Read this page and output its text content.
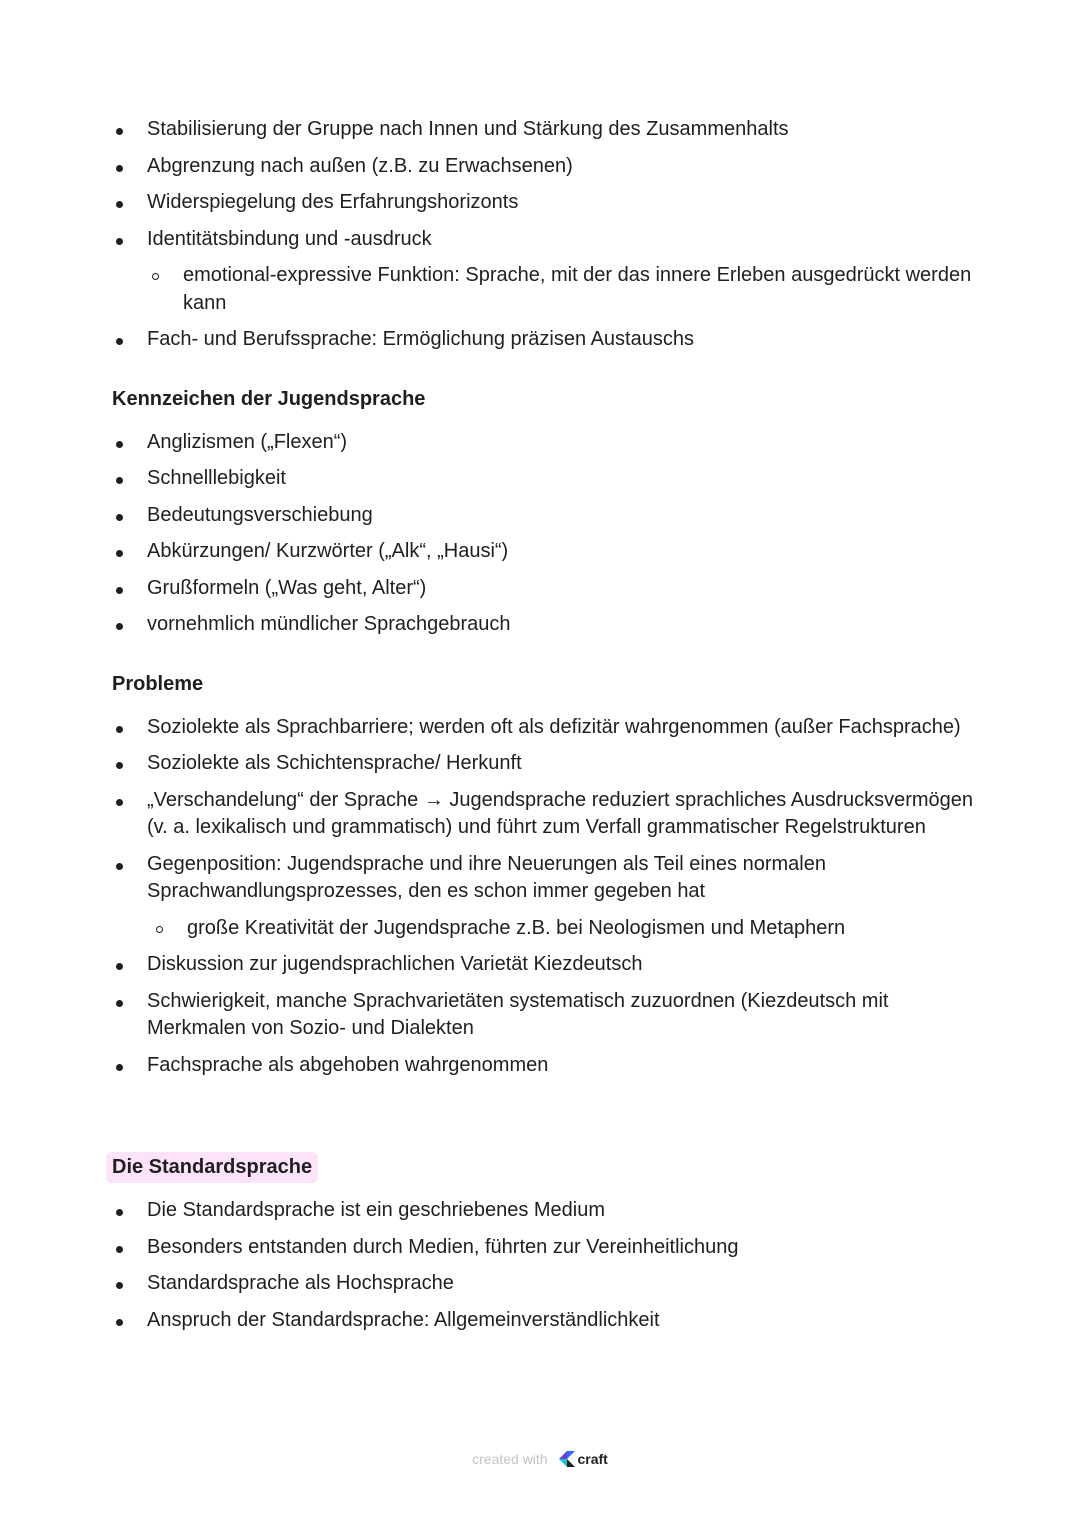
Stabilisierung der Gruppe nach Innen und Stärkung des Zusammenhalts
Abgrenzung nach außen (z.B. zu Erwachsenen)
Widerspiegelung des Erfahrungshorizonts
Identitätsbindung und -ausdruck
emotional-expressive Funktion: Sprache, mit der das innere Erleben ausgedrückt werden kann
Fach- und Berufssprache: Ermöglichung präzisen Austauschs
Kennzeichen der Jugendsprache
Anglizismen („Flexen“)
Schnelllebigkeit
Bedeutungsverschiebung
Abkürzungen/ Kurzwörter („Alk“, „Hausi“)
Grußformeln („Was geht, Alter“)
vornehmlich mündlicher Sprachgebrauch
Probleme
Soziolekte als Sprachbarriere; werden oft als defizitär wahrgenommen (außer Fachsprache)
Soziolekte als Schichtensprache/ Herkunft
„Verschandelung“ der Sprache → Jugendsprache reduziert sprachliches Ausdrucksvermögen (v. a. lexikalisch und grammatisch) und führt zum Verfall grammatischer Regelstrukturen
Gegenposition: Jugendsprache und ihre Neuerungen als Teil eines normalen Sprachwandlungsprozesses, den es schon immer gegeben hat
große Kreativität der Jugendsprache z.B. bei Neologismen und Metaphern
Diskussion zur jugendsprachlichen Varietät Kiezdeutsch
Schwierigkeit, manche Sprachvarietäten systematisch zuzuordnen (Kiezdeutsch mit Merkmalen von Sozio- und Dialekten
Fachsprache als abgehoben wahrgenommen
Die Standardsprache
Die Standardsprache ist ein geschriebenes Medium
Besonders entstanden durch Medien, führten zur Vereinheitlichung
Standardsprache als Hochsprache
Anspruch der Standardsprache: Allgemeinverständlichkeit
created with craft
